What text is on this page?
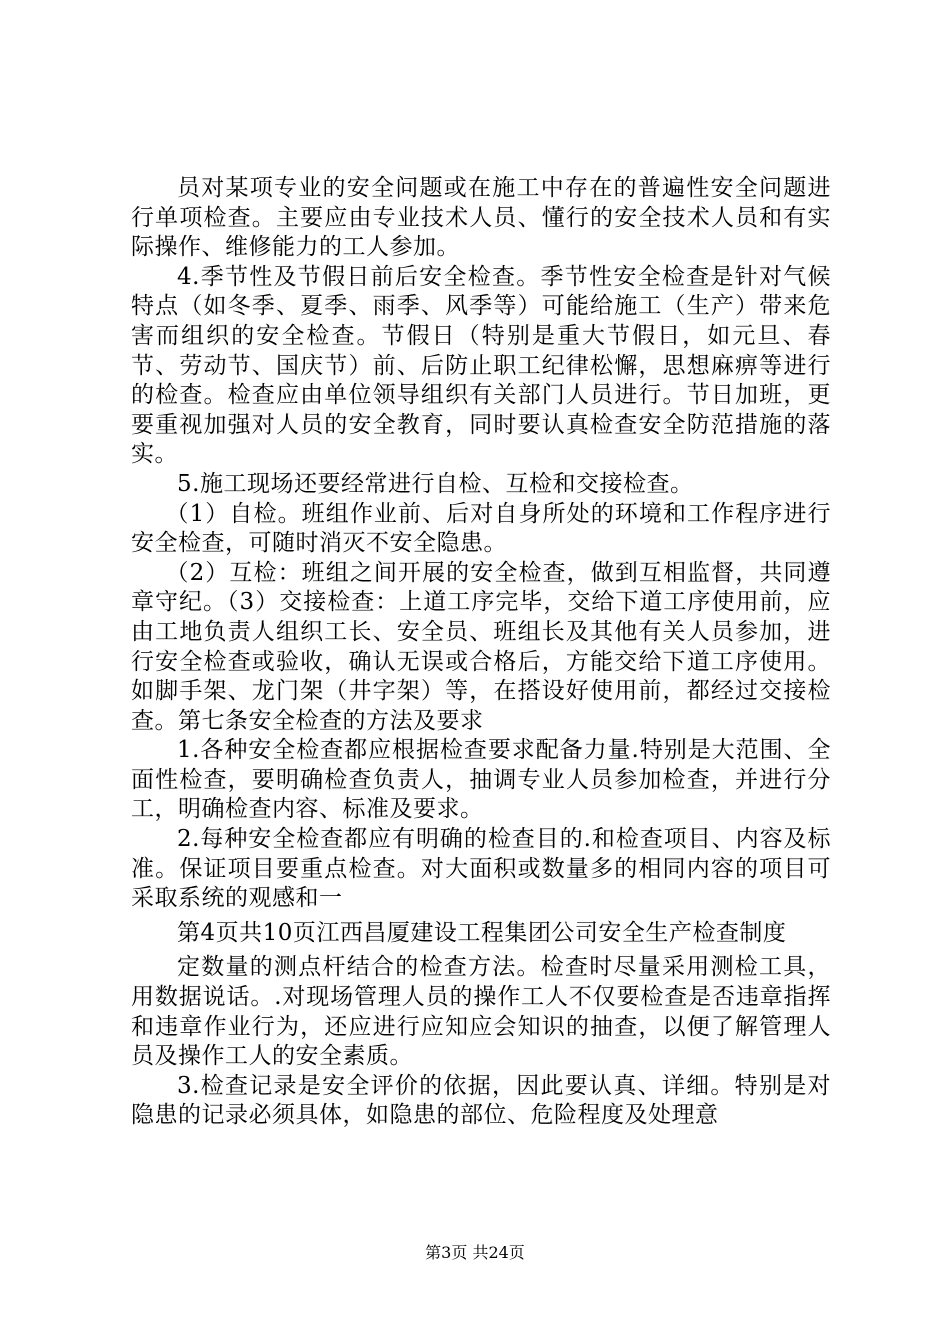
员对某项专业的安全问题或在施工中存在的普遍性安全问题进行单项检查。主要应由专业技术人员、懂行的安全技术人员和有实际操作、维修能力的工人参加。

4.季节性及节假日前后安全检查。季节性安全检查是针对气候特点（如冬季、夏季、雨季、风季等）可能给施工（生产）带来危害而组织的安全检查。节假日（特别是重大节假日，如元旦、春节、劳动节、国庆节）前、后防止职工纪律松懈，思想麻痹等进行的检查。检查应由单位领导组织有关部门人员进行。节日加班，更要重视加强对人员的安全教育，同时要认真检查安全防范措施的落实。

5.施工现场还要经常进行自检、互检和交接检查。

（1）自检。班组作业前、后对自身所处的环境和工作程序进行安全检查，可随时消灭不安全隐患。

（2）互检：班组之间开展的安全检查，做到互相监督，共同遵章守纪。（3）交接检查：上道工序完毕，交给下道工序使用前，应由工地负责人组织工长、安全员、班组长及其他有关人员参加，进行安全检查或验收，确认无误或合格后，方能交给下道工序使用。如脚手架、龙门架（井字架）等，在搭设好使用前，都经过交接检查。第七条安全检查的方法及要求

1.各种安全检查都应根据检查要求配备力量.特别是大范围、全面性检查，要明确检查负责人，抽调专业人员参加检查，并进行分工，明确检查内容、标准及要求。

2.每种安全检查都应有明确的检查目的.和检查项目、内容及标准。保证项目要重点检查。对大面积或数量多的相同内容的项目可采取系统的观感和一

第4页共10页江西昌厦建设工程集团公司安全生产检查制度

定数量的测点杆结合的检查方法。检查时尽量采用测检工具，用数据说话。.对现场管理人员的操作工人不仅要检查是否违章指挥和违章作业行为，还应进行应知应会知识的抽查，以便了解管理人员及操作工人的安全素质。

3.检查记录是安全评价的依据，因此要认真、详细。特别是对隐患的记录必须具体，如隐患的部位、危险程度及处理意

第3页 共24页
